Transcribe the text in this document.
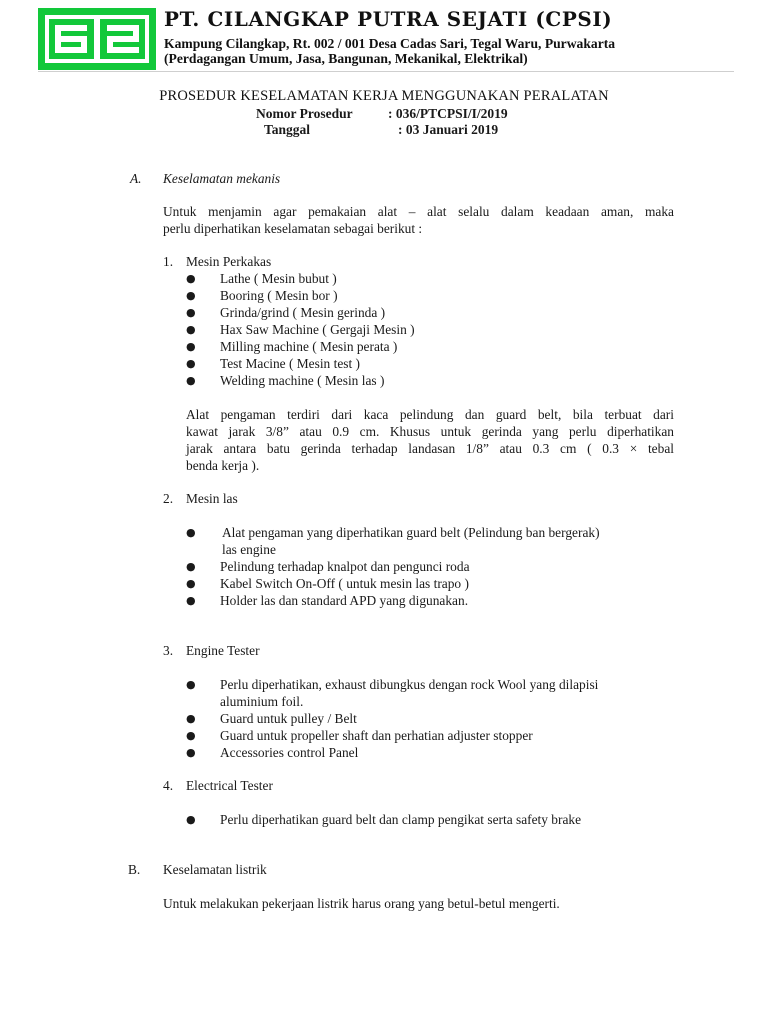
PT. CILANGKAP PUTRA SEJATI (CPSI)
Kampung Cilangkap, Rt. 002 / 001 Desa Cadas Sari, Tegal Waru, Purwakarta
(Perdagangan Umum, Jasa, Bangunan, Mekanikal, Elektrikal)
PROSEDUR KESELAMATAN KERJA MENGGUNAKAN PERALATAN
Nomor Prosedur	: 036/PTCPSI/I/2019
Tanggal	: 03 Januari 2019
A. Keselamatan mekanis
Untuk menjamin agar pemakaian alat – alat selalu dalam keadaan aman, maka
perlu diperhatikan keselamatan sebagai berikut :
1. Mesin Perkakas
● Lathe ( Mesin bubut )
● Booring ( Mesin bor )
● Grinda/grind ( Mesin gerinda )
● Hax Saw Machine ( Gergaji Mesin )
● Milling machine ( Mesin perata )
● Test Macine ( Mesin test )
● Welding machine ( Mesin las )
Alat pengaman terdiri dari kaca pelindung dan guard belt, bila terbuat dari
kawat jarak 3/8” atau 0.9 cm. Khusus untuk gerinda yang perlu diperhatikan
jarak antara batu gerinda terhadap landasan 1/8” atau 0.3 cm ( 0.3 × tebal
benda kerja ).
2. Mesin las
● Alat pengaman yang diperhatikan guard belt (Pelindung ban bergerak)
las engine
● Pelindung terhadap knalpot dan pengunci roda
● Kabel Switch On-Off ( untuk mesin las trapo )
● Holder las dan standard APD yang digunakan.
3. Engine Tester
● Perlu diperhatikan, exhaust dibungkus dengan rock Wool yang dilapisi
aluminium foil.
● Guard untuk pulley / Belt
● Guard untuk propeller shaft dan perhatian adjuster stopper
● Accessories control Panel
4. Electrical Tester
● Perlu diperhatikan guard belt dan clamp pengikat serta safety brake
B. Keselamatan listrik
Untuk melakukan pekerjaan listrik harus orang yang betul-betul mengerti.
